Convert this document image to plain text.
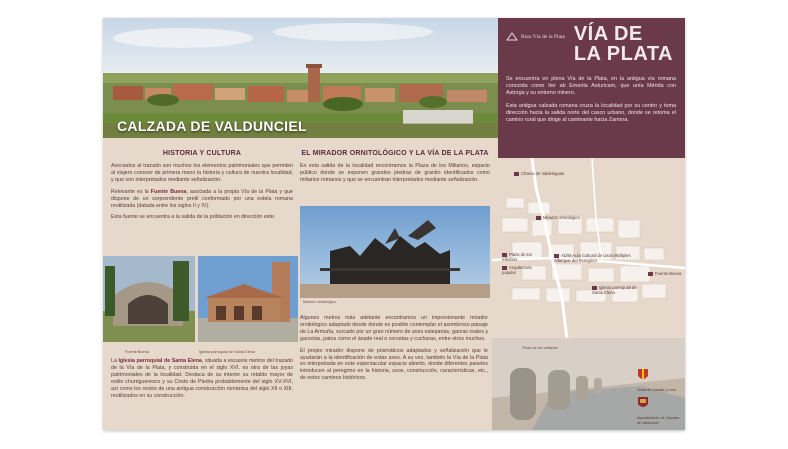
CALZADA DE VALDUNCIEL
Ruta Vía de la Plata VÍA DE
LA PLATA

Se encuentra en plena Vía de la Plata, en la antigua vía romana conocida como Iter ab Emerita Asturicam, que unía Mérida con Astorga y su entorno minero.

Esta antigua calzada romana cruza la localidad por su centro y toma dirección hacia la salida norte del casco urbano, donde se retoma el camino rural que dirige al caminante hacia Zamora.

HISTORIA Y CULTURA

Asociados al trazado son muchos los elementos patrimoniales que permiten al viajero conocer de primera mano la historia y cultura de nuestra localidad, y que son interpretados mediante señalización.

Relevante es la Fuente Buena, asociada a la propia Vía de la Plata y que dispone de un sorprendente pretil conformado por una estela romana reutilizada (datada entre los siglos II y IV).

Esta fuente se encuentra a la salida de la población en dirección este.

Fuente Buena	Iglesia parroquial de Santa Elena

La Iglesia parroquial de Santa Elena, situada a escasos metros del trazado de la Vía de la Plata, y construida en el siglo XVI, es otra de las joyas patrimoniales de la localidad. Destaca de su interior su retablo mayor de estilo churrigueresco y su Cristo de Piedra probablemente del siglo XV-XVI, así como los restos de una antigua construcción románica del siglo XII o XIII, reutilizados en su construcción.

EL MIRADOR ORNITOLÓGICO Y LA VÍA DE LA PLATA

En esta salida de la localidad encontramos la Plaza de los Miliarios, espacio público donde se exponen grandes piedras de granito identificados como miliarios romanos y que se encuentran interpretados mediante señalización.

Mirador ornitológico

Algunos metros más adelante encontramos un impresionante mirador ornitológico adaptado desde donde es posible contemplar el asombroso paisaje de La Armuña, surcado por un gran número de aves esteparias, garzas reales y garcetas, patos como el ánade real o cercetas y cucharas, entre otros muchos.

El propio mirador dispone de prismáticos adaptados y señalización que le ayudarán a la identificación de estas aves. A su vez, también la Vía de la Plata es interpretada en este espectacular espacio abierto, donde diferentes paneles introducen al peregrino en la historia, usos, construcción, características, etc., de estos caminos históricos.

Charca de Valdeleguas
Mirador ornitológico
Plaza de los miliarios
Arquitectura popular
AD/M Aula Cultural de Usos Múltiples Albergue del Peregrino
Iglesia parroquial de Santa Elena
Fuente Buena
Plaza de los miliarios
Junta de Castilla y León
Ayuntamiento de Calzada de Valdunciel
